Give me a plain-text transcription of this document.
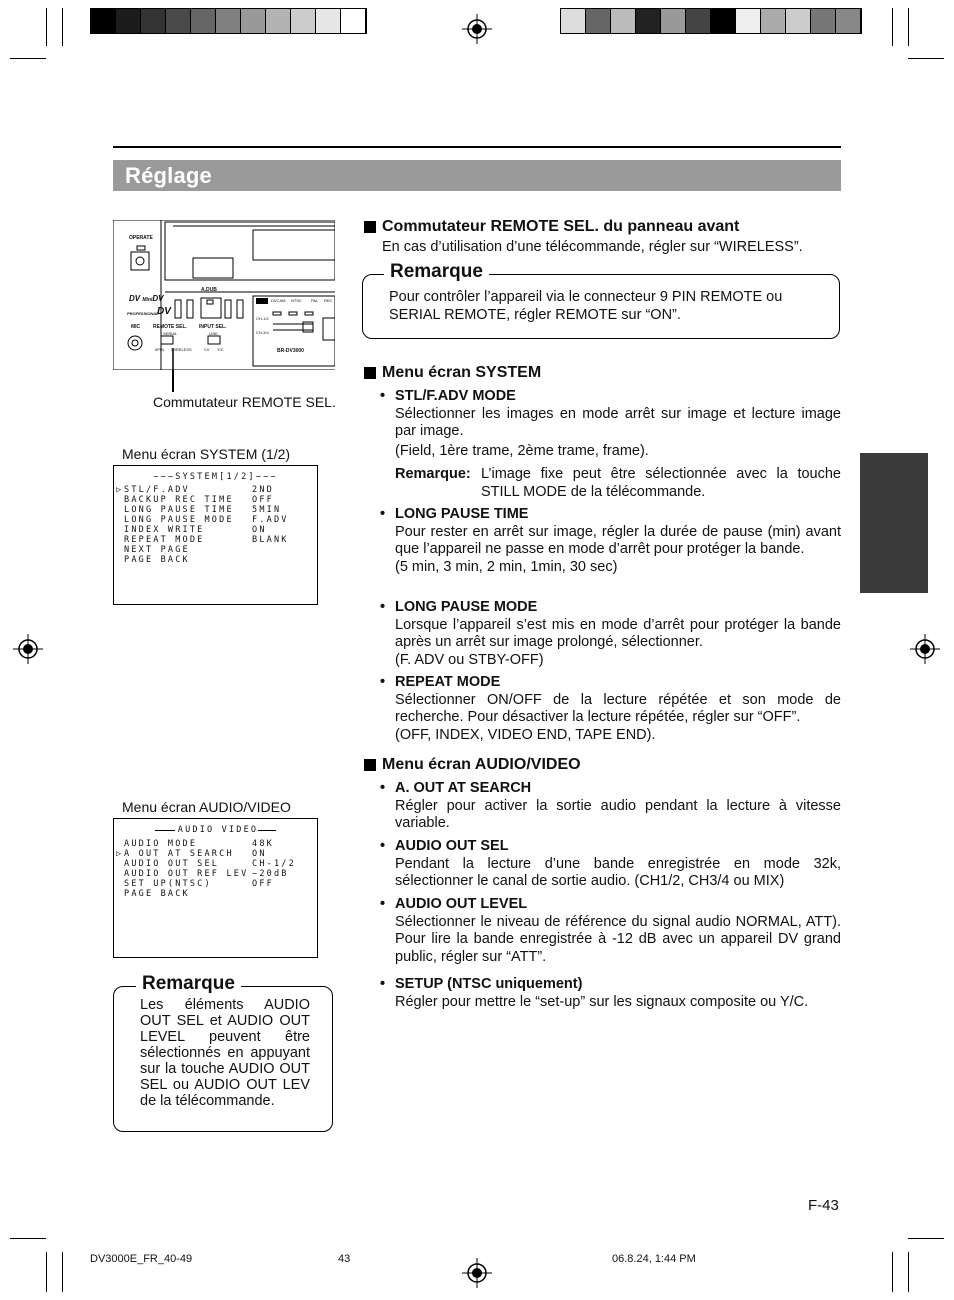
Réglage
OPERATE
A.DUB
DV MiniDV
PROFESSIONAL
DV
MIC	REMOTE SEL.
SERIAL
INPUT SEL.
LINE
9PIN WIRELESS	CV Y/C
DVCAM NTSC PAL REC
CH-1/2
CH-3/4
BR-DV3000
Commutateur REMOTE SEL.
Menu écran SYSTEM (1/2)
−−−SYSTEM[1/2]−−−
▷ STL/F.ADV	2ND
BACKUP REC TIME	OFF
LONG PAUSE TIME	5MIN
LONG PAUSE MODE	F.ADV
INDEX WRITE	ON
REPEAT MODE	BLANK
NEXT PAGE
PAGE BACK
Menu écran AUDIO/VIDEO
AUDIO VIDEO
▷
AUDIO MODE	48K
A OUT AT SEARCH	ON
AUDIO OUT SEL	CH-1/2
AUDIO OUT REF LEV −20dB
SET UP(NTSC)	OFF
PAGE BACK
Remarque
Les éléments AUDIO OUT SEL et AUDIO OUT LEVEL peuvent être sélectionnés en appuyant sur la touche AUDIO OUT SEL ou AUDIO OUT LEV de la télécommande.
Commutateur REMOTE SEL. du panneau avant
En cas d’utilisation d’une télécommande, régler sur “WIRELESS”.
Remarque
Pour contrôler l’appareil via le connecteur 9 PIN REMOTE ou SERIAL REMOTE, régler REMOTE sur “ON”.
Menu écran SYSTEM
• STL/F.ADV MODE
Sélectionner les images en mode arrêt sur image et lecture image par image.
(Field, 1ère trame, 2ème trame, frame).
Remarque: L’image fixe peut être sélectionnée avec la touche STILL MODE de la télécommande.
• LONG PAUSE TIME
Pour rester en arrêt sur image, régler la durée de pause (min) avant que l’appareil ne passe en mode d’arrêt pour protéger la bande.
(5 min, 3 min, 2 min, 1min, 30 sec)
• LONG PAUSE MODE
Lorsque l’appareil s’est mis en mode d’arrêt pour protéger la bande après un arrêt sur image prolongé, sélectionner.
(F. ADV ou STBY-OFF)
• REPEAT MODE
Sélectionner ON/OFF de la lecture répétée et son mode de recherche. Pour désactiver la lecture répétée, régler sur “OFF”.
(OFF, INDEX, VIDEO END, TAPE END).
Menu écran AUDIO/VIDEO
• A. OUT AT SEARCH
Régler pour activer la sortie audio pendant la lecture à vitesse variable.
• AUDIO OUT SEL
Pendant la lecture d’une bande enregistrée en mode 32k, sélectionner le canal de sortie audio. (CH1/2, CH3/4 ou MIX)
• AUDIO OUT LEVEL
Sélectionner le niveau de référence du signal audio NORMAL, ATT). Pour lire la bande enregistrée à -12 dB avec un appareil DV grand public, régler sur “ATT”.
• SETUP (NTSC uniquement)
Régler pour mettre le “set-up” sur les signaux composite ou Y/C.
F-43
DV3000E_FR_40-49	43	06.8.24, 1:44 PM
